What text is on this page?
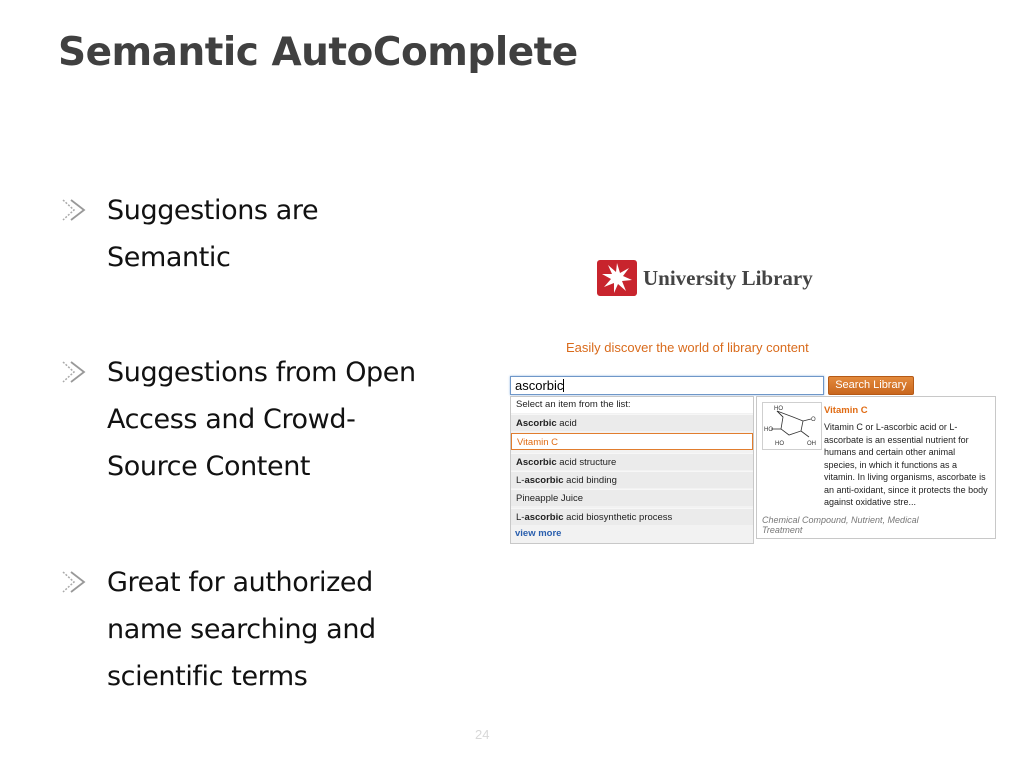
Semantic AutoComplete
Suggestions are
Semantic
Suggestions from Open
Access and Crowd-
Source Content
Great for authorized
name searching and
scientific terms
University Library
Easily discover the world of library content
ascorbic	Search Library
Select an item from the list:
Ascorbic acid
Vitamin C
Ascorbic acid structure
L-ascorbic acid binding
Pineapple Juice
L-ascorbic acid biosynthetic process
view more
HO
HO
HO
O
OH
Vitamin C
Vitamin C or L-ascorbic acid or L-ascorbate is an essential nutrient for humans and certain other animal species, in which it functions as a vitamin. In living organisms, ascorbate is an anti-oxidant, since it protects the body against oxidative stre...
Chemical Compound, Nutrient, Medical Treatment
24
